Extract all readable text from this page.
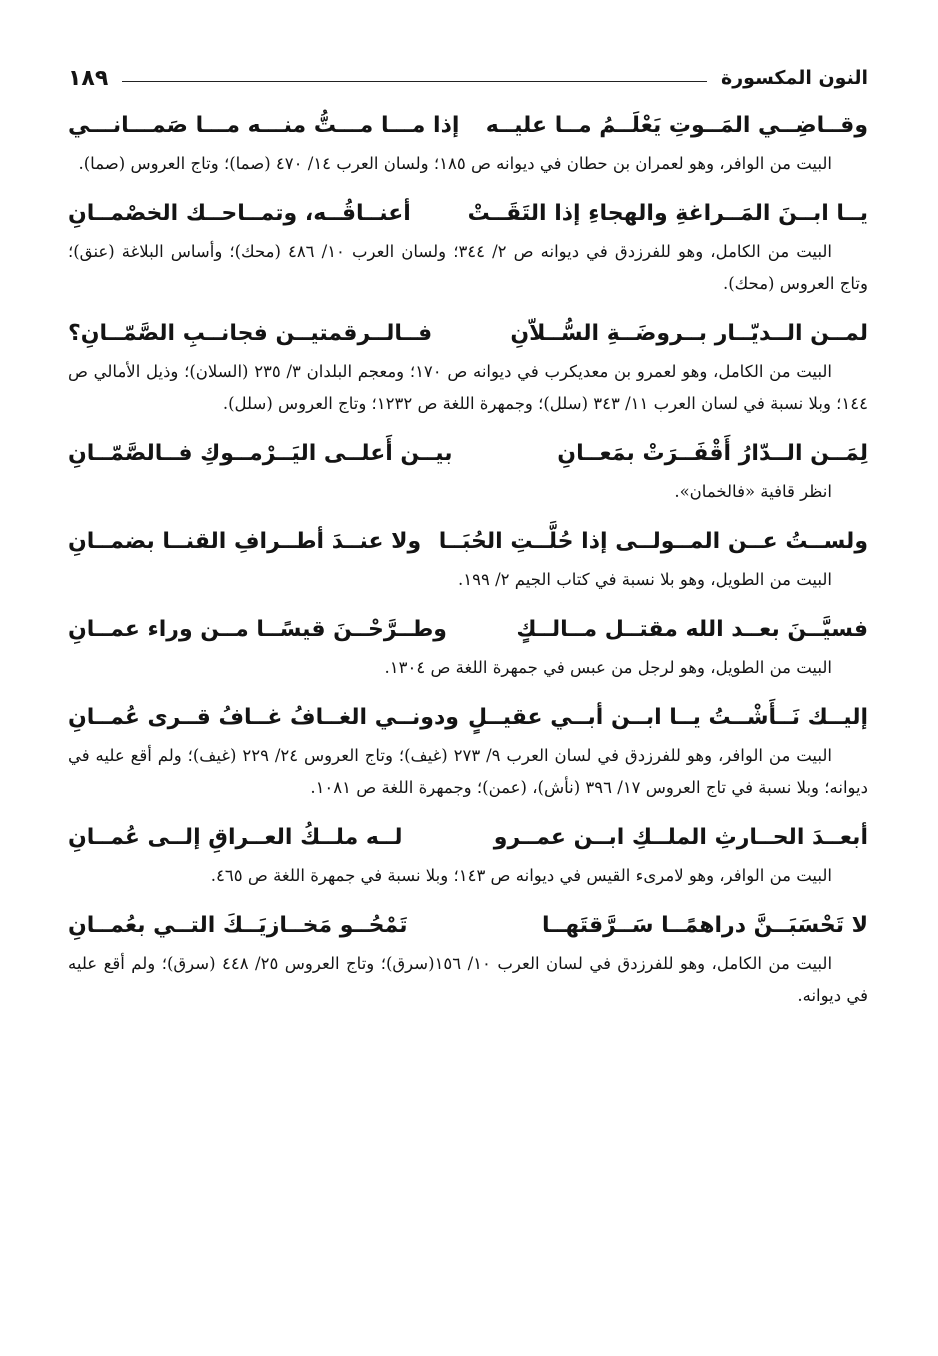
النون المكسورة
١٨٩
وقــاضِــي المَــوتِ يَعْلَــمُ مــا عليــه
إذا مـــا مـــتُّ منـــه مـــا صَمـــانـــي

البيت من الوافر، وهو لعمران بن حطان في ديوانه ص ١٨٥؛ ولسان العرب ١٤/ ٤٧٠ (صما)؛ وتاج العروس (صما).

يــا ابــنَ المَــراغةِ والهجاءِ إذا التَقَــتْ
أعنــاقُــه، وتمــاحــك الخصْمــانِ

البيت من الكامل، وهو للفرزدق في ديوانه ص ٢/ ٣٤٤؛ ولسان العرب ١٠/ ٤٨٦ (محك)؛ وأساس البلاغة (عنق)؛ وتاج العروس (محك).

لمــن الــديّــار بــروضَــةِ السُّــلاّنِ
فــالــرقمتيــن فجانــبِ الصَّمّــانِ؟

البيت من الكامل، وهو لعمرو بن معديكرب في ديوانه ص ١٧٠؛ ومعجم البلدان ٣/ ٢٣٥ (السلان)؛ وذيل الأمالي ص ١٤٤؛ وبلا نسبة في لسان العرب ١١/ ٣٤٣ (سلل)؛ وجمهرة اللغة ص ١٢٣٢؛ وتاج العروس (سلل).

لِمَــن الــدّارُ أَقْفَــرَتْ بمَعــانِ
بيــن أَعلــى اليَــرْمــوكِ فــالصَّمّــانِ

انظر قافية «فالخمان».

ولســتُ عــن المــولــى إذا حُلَّــتِ الحُبَــا
ولا عنــدَ أطــرافِ القنــا بضمــانِ

البيت من الطويل، وهو بلا نسبة في كتاب الجيم ٢/ ١٩٩.

فسيَّــنَ بعــد الله مقتــل مــالــكٍ
وطــرَّحْــنَ قيسًــا مــن وراء عمــانِ

البيت من الطويل، وهو لرجل من عبس في جمهرة اللغة ص ١٣٠٤.

إليــك نَــأَشْــتُ يــا ابــن أبــي عقيــلٍ
ودونــي الغــافُ غــافُ قــرى عُمــانِ

البيت من الوافر، وهو للفرزدق في لسان العرب ٩/ ٢٧٣ (غيف)؛ وتاج العروس ٢٤/ ٢٢٩ (غيف)؛ ولم أقع عليه في ديوانه؛ وبلا نسبة في تاج العروس ١٧/ ٣٩٦ (نأش)، (عمن)؛ وجمهرة اللغة ص ١٠٨١.

أبعــدَ الحــارثِ الملــكِ ابــن عمــرو
لــه ملــكُ العــراقِ إلــى عُمــانِ

البيت من الوافر، وهو لامرىء القيس في ديوانه ص ١٤٣؛ وبلا نسبة في جمهرة اللغة ص ٤٦٥.

لا تَحْسَبَــنَّ دراهمًــا سَــرَّقتَهــا
تَمْحُــو مَخــازيَــكَ التــي بعُمــانِ

البيت من الكامل، وهو للفرزدق في لسان العرب ١٠/ ١٥٦(سرق)؛ وتاج العروس ٢٥/ ٤٤٨ (سرق)؛ ولم أقع عليه في ديوانه.
